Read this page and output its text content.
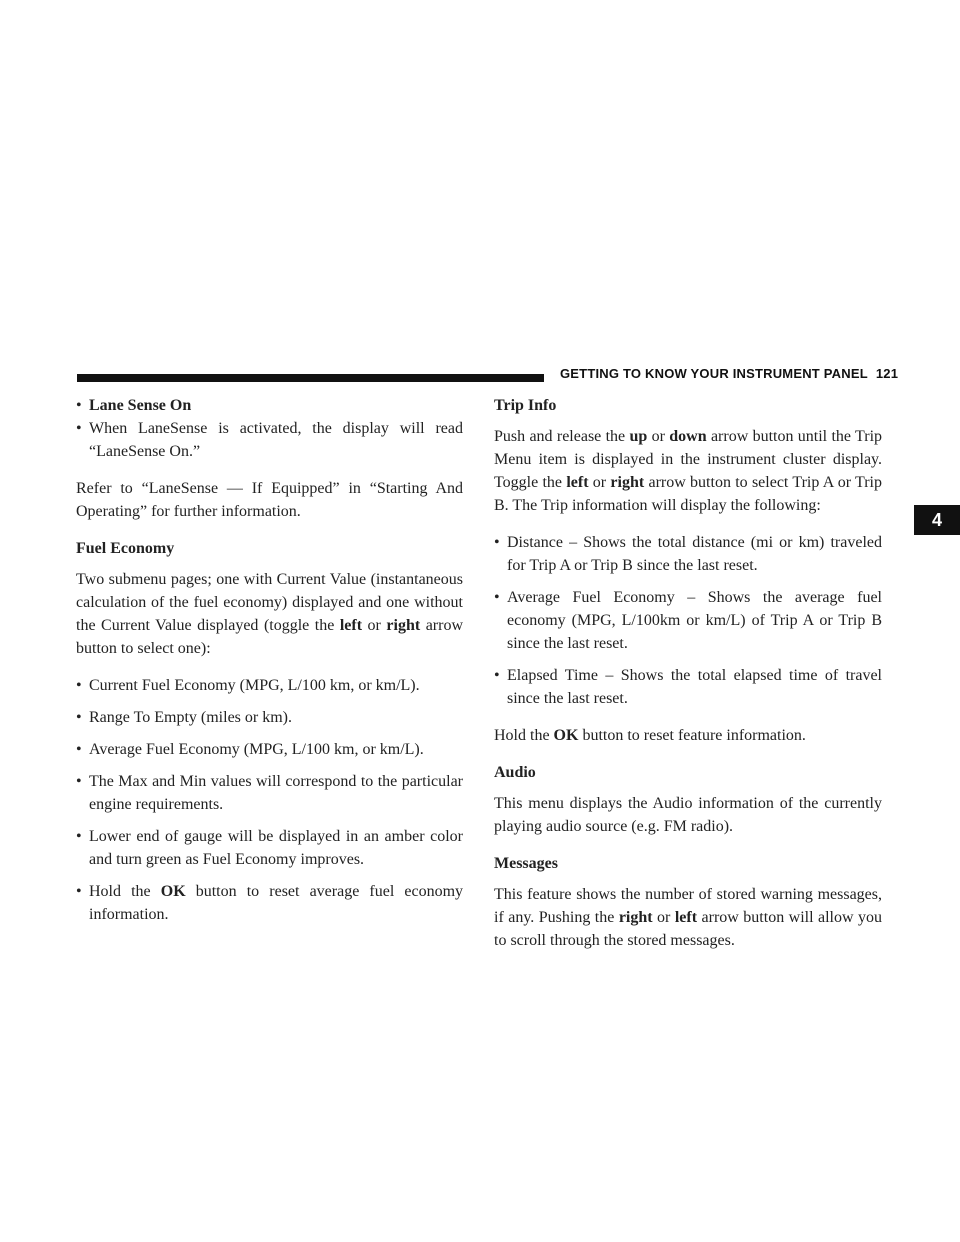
GETTING TO KNOW YOUR INSTRUMENT PANEL 121
4
• Lane Sense On
• When LaneSense is activated, the display will read “LaneSense On.”

Refer to “LaneSense — If Equipped” in “Starting And Operating” for further information.

Fuel Economy

Two submenu pages; one with Current Value (instantaneous calculation of the fuel economy) displayed and one without the Current Value displayed (toggle the left or right arrow button to select one):

• Current Fuel Economy (MPG, L/100 km, or km/L).
• Range To Empty (miles or km).
• Average Fuel Economy (MPG, L/100 km, or km/L).
• The Max and Min values will correspond to the particular engine requirements.
• Lower end of gauge will be displayed in an amber color and turn green as Fuel Economy improves.
• Hold the OK button to reset average fuel economy information.
Trip Info

Push and release the up or down arrow button until the Trip Menu item is displayed in the instrument cluster display. Toggle the left or right arrow button to select Trip A or Trip B. The Trip information will display the following:

• Distance – Shows the total distance (mi or km) traveled for Trip A or Trip B since the last reset.
• Average Fuel Economy – Shows the average fuel economy (MPG, L/100km or km/L) of Trip A or Trip B since the last reset.
• Elapsed Time – Shows the total elapsed time of travel since the last reset.

Hold the OK button to reset feature information.

Audio

This menu displays the Audio information of the currently playing audio source (e.g. FM radio).

Messages

This feature shows the number of stored warning messages, if any. Pushing the right or left arrow button will allow you to scroll through the stored messages.
